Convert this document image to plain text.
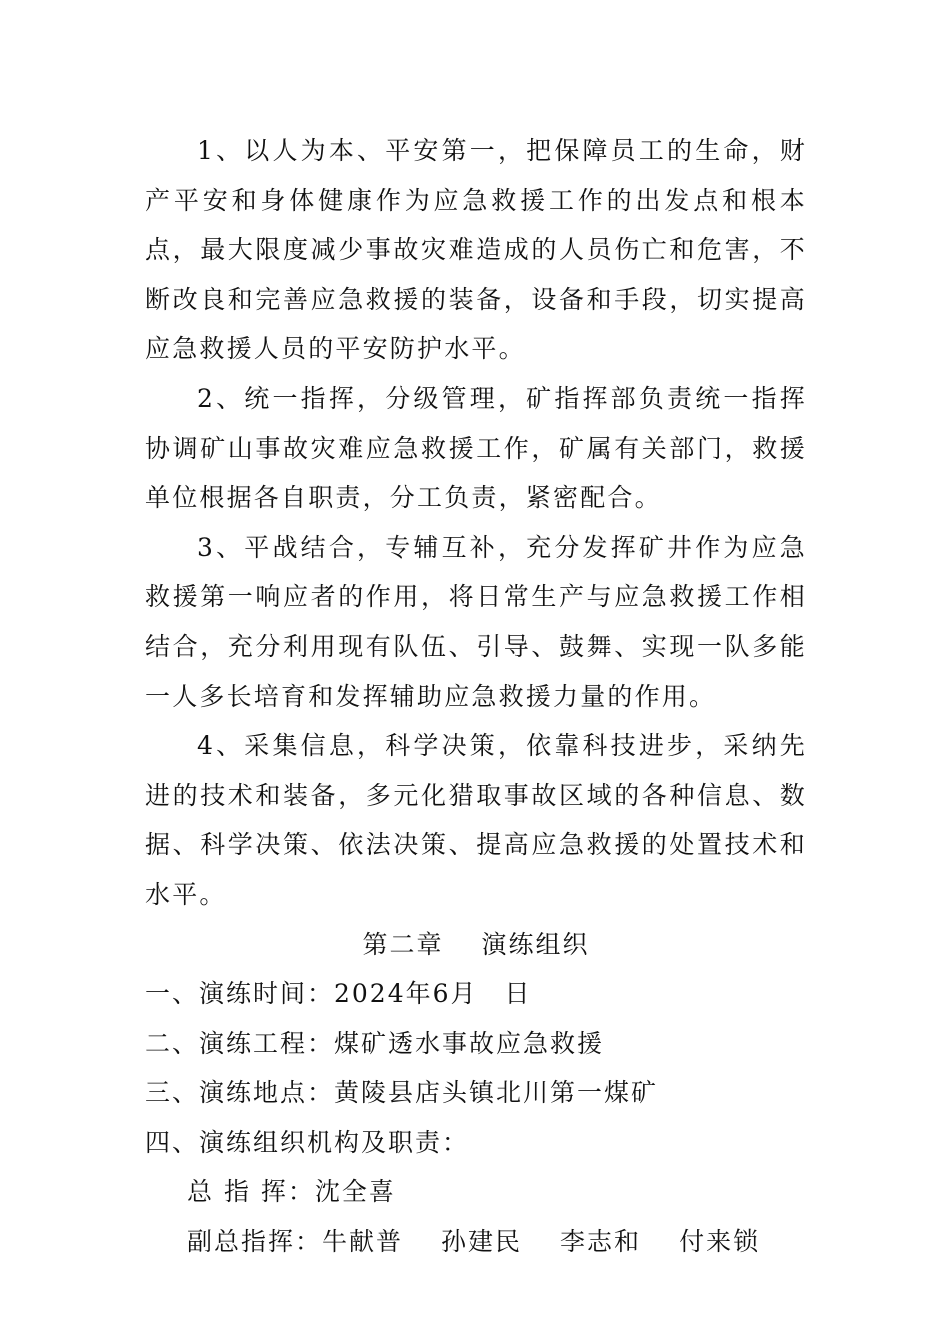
1、以人为本、平安第一，把保障员工的生命，财产平安和身体健康作为应急救援工作的出发点和根本点，最大限度减少事故灾难造成的人员伤亡和危害，不断改良和完善应急救援的装备，设备和手段，切实提高应急救援人员的平安防护水平。

2、统一指挥，分级管理，矿指挥部负责统一指挥协调矿山事故灾难应急救援工作，矿属有关部门，救援单位根据各自职责，分工负责，紧密配合。

3、平战结合，专辅互补，充分发挥矿井作为应急救援第一响应者的作用，将日常生产与应急救援工作相结合，充分利用现有队伍、引导、鼓舞、实现一队多能一人多长培育和发挥辅助应急救援力量的作用。

4、采集信息，科学决策，依靠科技进步，采纳先进的技术和装备，多元化猎取事故区域的各种信息、数据、科学决策、依法决策、提高应急救援的处置技术和水平。

第二章 演练组织

一、演练时间：2024年6月　日

二、演练工程：煤矿透水事故应急救援

三、演练地点：黄陵县店头镇北川第一煤矿

四、演练组织机构及职责：

总 指 挥：沈全喜

副总指挥：牛献普 孙建民 李志和 付来锁
